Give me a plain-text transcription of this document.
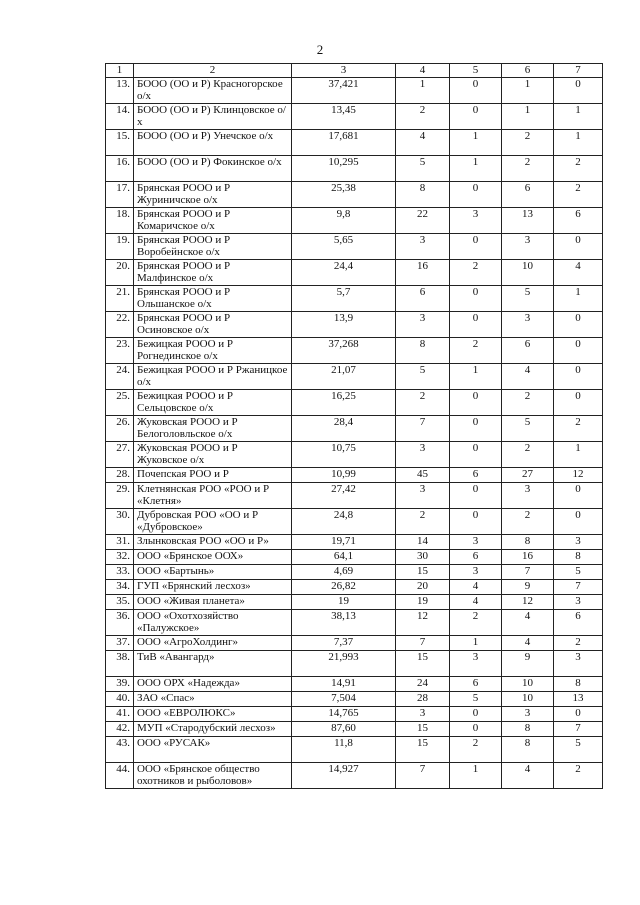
2
1	2	3	4	5	6	7
13.	БООО (ОО и Р) Красногорское о/х	37,421	1	0	1	0
14.	БООО (ОО и Р) Клинцовское о/х	13,45	2	0	1	1
15.	БООО (ОО и Р) Унечское о/х	17,681	4	1	2	1
16.	БООО (ОО и Р) Фокинское о/х	10,295	5	1	2	2
17.	Брянская РООО и Р Журиничское о/х	25,38	8	0	6	2
18.	Брянская РООО и Р Комаричское о/х	9,8	22	3	13	6
19.	Брянская РООО и Р Воробейнское о/х	5,65	3	0	3	0
20.	Брянская РООО и Р Малфинское о/х	24,4	16	2	10	4
21.	Брянская РООО и Р Ольшанское о/х	5,7	6	0	5	1
22.	Брянская РООО и Р Осиновское о/х	13,9	3	0	3	0
23.	Бежицкая РООО и Р Рогнединское о/х	37,268	8	2	6	0
24.	Бежицкая РООО и Р Ржаницкое о/х	21,07	5	1	4	0
25.	Бежицкая РООО и Р Сельцовское о/х	16,25	2	0	2	0
26.	Жуковская РООО и Р Белоголовльское о/х	28,4	7	0	5	2
27.	Жуковская РООО и Р Жуковское о/х	10,75	3	0	2	1
28.	Почепская РОО и Р	10,99	45	6	27	12
29.	Клетнянская РОО «РОО и Р «Клетня»	27,42	3	0	3	0
30.	Дубровская РОО «ОО и Р «Дубровское»	24,8	2	0	2	0
31.	Злынковская РОО «ОО и Р»	19,71	14	3	8	3
32.	ООО «Брянское ООХ»	64,1	30	6	16	8
33.	ООО «Бартынь»	4,69	15	3	7	5
34.	ГУП «Брянский лесхоз»	26,82	20	4	9	7
35.	ООО «Живая планета»	19	19	4	12	3
36.	ООО «Охотхозяйство «Палужское»	38,13	12	2	4	6
37.	ООО «АгроХолдинг»	7,37	7	1	4	2
38.	ТиВ «Авангард»	21,993	15	3	9	3
39.	ООО ОРХ «Надежда»	14,91	24	6	10	8
40.	ЗАО «Спас»	7,504	28	5	10	13
41.	ООО «ЕВРОЛЮКС»	14,765	3	0	3	0
42.	МУП «Стародубский лесхоз»	87,60	15	0	8	7
43.	ООО «РУСАК»	11,8	15	2	8	5
44.	ООО «Брянское общество охотников и рыболовов»	14,927	7	1	4	2
